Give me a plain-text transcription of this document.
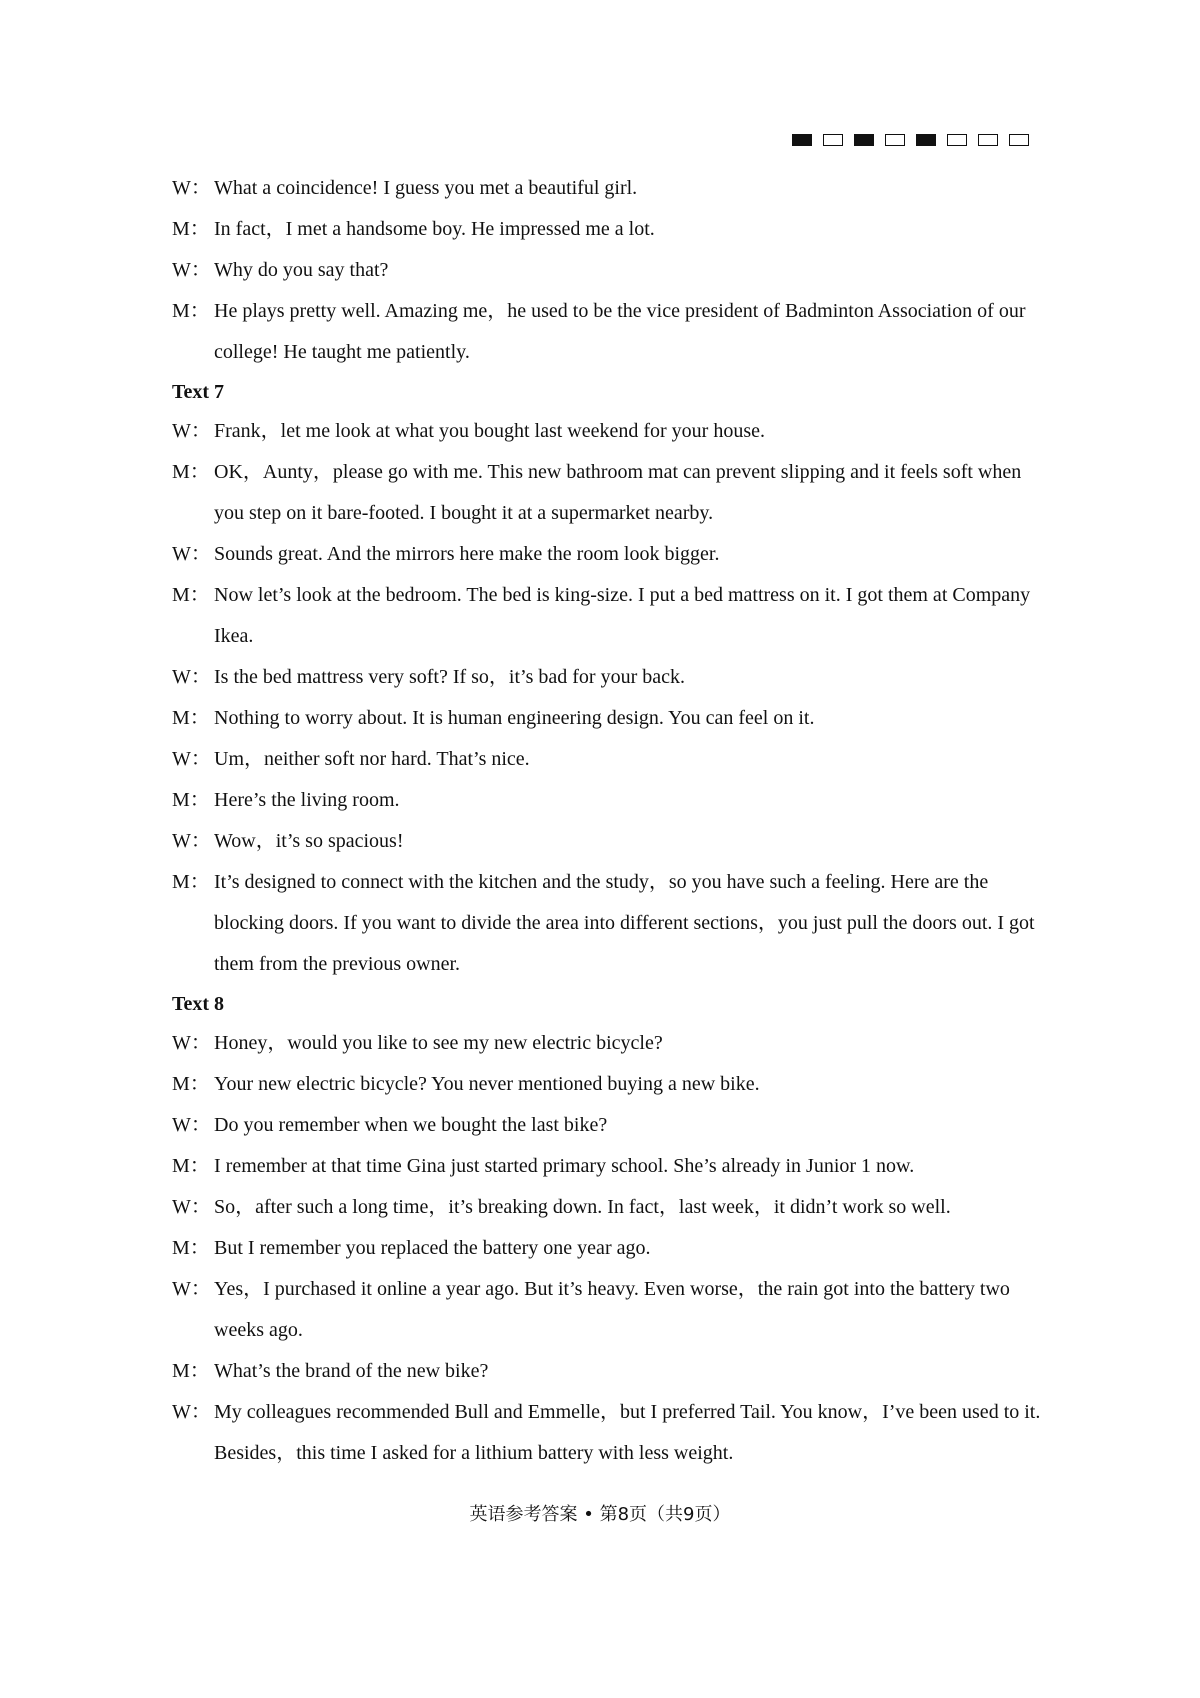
W： What a coincidence! I guess you met a beautiful girl.
M： In fact，I met a handsome boy. He impressed me a lot.
W： Why do you say that?
M： He plays pretty well. Amazing me，he used to be the vice president of Badminton Association of our college! He taught me patiently.
Text 7
W： Frank，let me look at what you bought last weekend for your house.
M： OK，Aunty，please go with me. This new bathroom mat can prevent slipping and it feels soft when you step on it bare-footed. I bought it at a supermarket nearby.
W： Sounds great. And the mirrors here make the room look bigger.
M： Now let’s look at the bedroom. The bed is king-size. I put a bed mattress on it. I got them at Company Ikea.
W： Is the bed mattress very soft? If so，it’s bad for your back.
M： Nothing to worry about. It is human engineering design. You can feel on it.
W： Um，neither soft nor hard. That’s nice.
M： Here’s the living room.
W： Wow，it’s so spacious!
M： It’s designed to connect with the kitchen and the study，so you have such a feeling. Here are the blocking doors. If you want to divide the area into different sections，you just pull the doors out. I got them from the previous owner.
Text 8
W： Honey，would you like to see my new electric bicycle?
M： Your new electric bicycle? You never mentioned buying a new bike.
W： Do you remember when we bought the last bike?
M： I remember at that time Gina just started primary school. She’s already in Junior 1 now.
W： So，after such a long time，it’s breaking down. In fact，last week，it didn’t work so well.
M： But I remember you replaced the battery one year ago.
W： Yes，I purchased it online a year ago. But it’s heavy. Even worse，the rain got into the battery two weeks ago.
M： What’s the brand of the new bike?
W： My colleagues recommended Bull and Emmelle，but I preferred Tail. You know，I’ve been used to it. Besides，this time I asked for a lithium battery with less weight.
英语参考答案 • 第8页（共9页）
